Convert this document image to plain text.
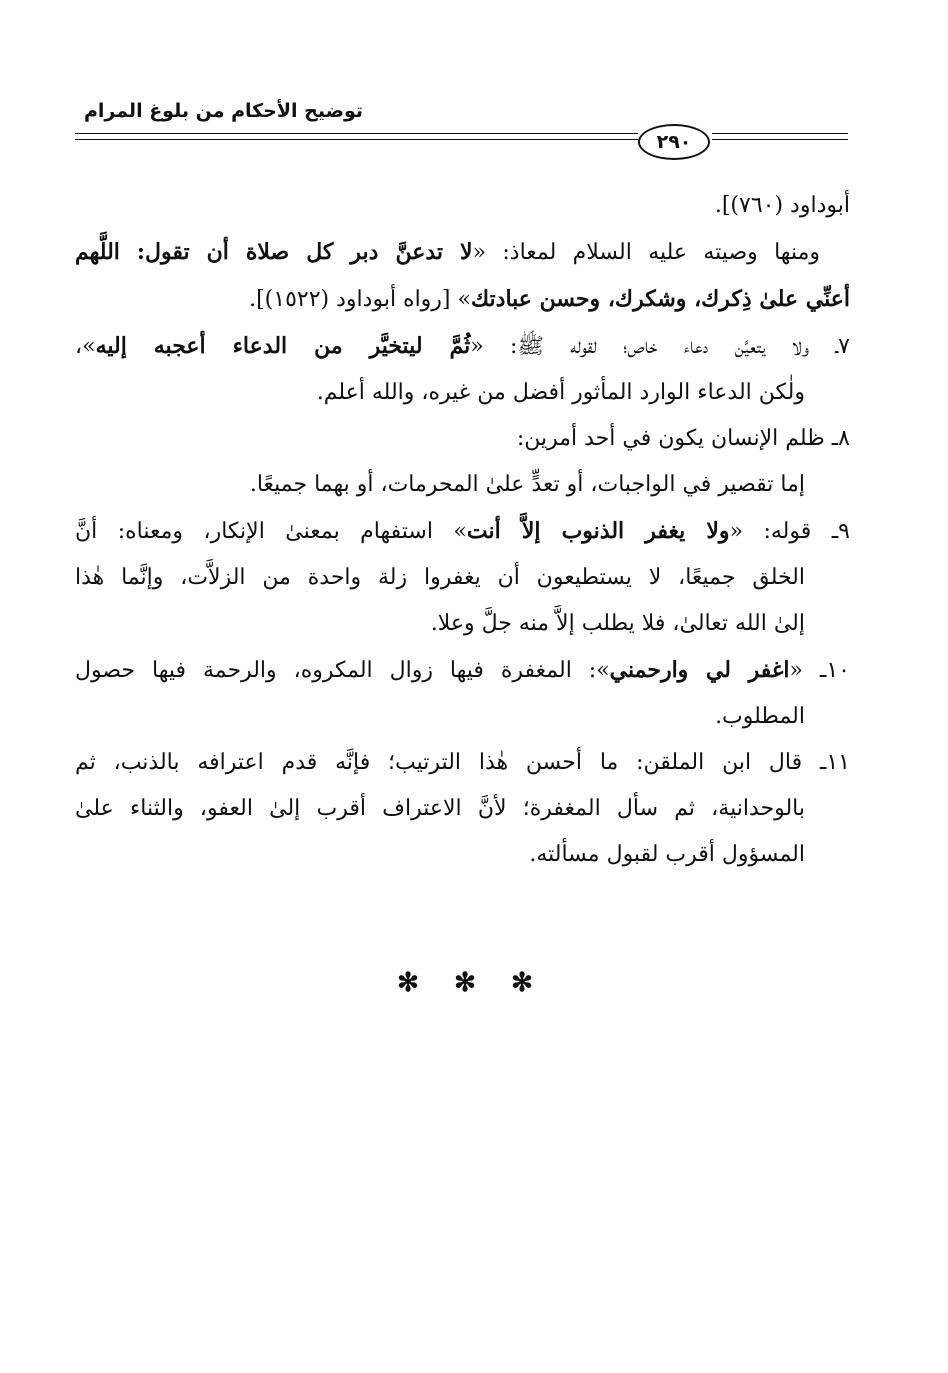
توضيح الأحكام من بلوغ المرام
٢٩٠
أبوداود (٧٦٠)].
ومنها وصيته عليه السلام لمعاذ: «لا تدعنَّ دبر كل صلاة أن تقول: اللَّهم
أعنِّي علىٰ ذِكرك، وشكرك، وحسن عبادتك» [رواه أبوداود (١٥٢٢)].
٧ـ ولا يتعيَّن دعاء خاص؛ لقوله ﷺ: «ثُمَّ ليتخيَّر من الدعاء أعجبه إليه»،
ولٰكن الدعاء الوارد المأثور أفضل من غيره، والله أعلم.
٨ـ ظلم الإنسان يكون في أحد أمرين:
إما تقصير في الواجبات، أو تعدٍّ علىٰ المحرمات، أو بهما جميعًا.
٩ـ قوله: «ولا يغفر الذنوب إلاَّ أنت» استفهام بمعنىٰ الإنكار، ومعناه: أنَّ
الخلق جميعًا، لا يستطيعون أن يغفروا زلة واحدة من الزلاَّت، وإنَّما هٰذا
إلىٰ الله تعالىٰ، فلا يطلب إلاَّ منه جلَّ وعلا.
١٠ـ «اغفر لي وارحمني»: المغفرة فيها زوال المكروه، والرحمة فيها حصول
المطلوب.
١١ـ قال ابن الملقن: ما أحسن هٰذا الترتيب؛ فإنَّه قدم اعترافه بالذنب، ثم
بالوحدانية، ثم سأل المغفرة؛ لأنَّ الاعتراف أقرب إلىٰ العفو، والثناء علىٰ
المسؤول أقرب لقبول مسألته.
✻ ✻ ✻
